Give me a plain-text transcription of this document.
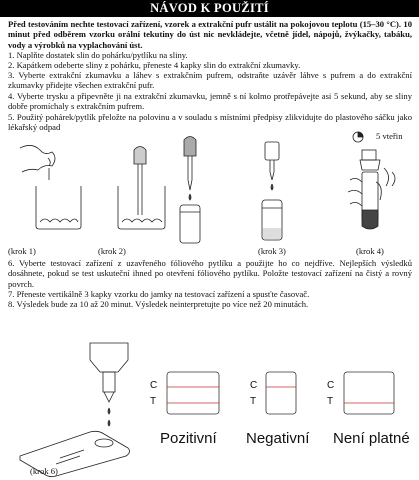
NÁVOD K POUŽITÍ

Před testováním nechte testovací zařízení, vzorek a extrakční pufr ustálit na pokojovou teplotu (15–30 °C). 10 minut před odběrem vzorku orální tekutiny do úst nic nevkládejte, včetně jídel, nápojů, žvýkačky, tabáku, vody a výrobků na vyplachování úst.

1. Naplňte dostatek slin do pohárku/pytlíku na sliny.

2. Kapátkem odeberte sliny z pohárku, přeneste 4 kapky slin do extrakční zkumavky.

3. Vyberte extrakční zkumavku a láhev s extrakčním pufrem, odstraňte uzávěr láhve s pufrem a do extrakční zkumavky přidejte všechen extrakční pufr.

4. Vyberte trysku a připevněte ji na extrakční zkumavku, jemně s ní kolmo protřepávejte asi 5 sekund, aby se sliny dobře promíchaly s extrakčním pufrem.

5. Použitý pohárek/pytlík přeložte na polovinu a v souladu s místními předpisy zlikvidujte do plastového sáčku jako lékařský odpad

5 vteřin
(krok 1)	(krok 2)	(krok 3)	(krok 4)

6. Vyberte testovací zařízení z uzavřeného fóliového pytlíku a použijte ho co nejdříve. Nejlepších výsledků dosáhnete, pokud se test uskuteční ihned po otevření fóliového pytlíku. Položte testovací zařízení na čistý a rovný povrch.

7. Přeneste vertikálně 3 kapky vzorku do jamky na testovací zařízení a spusťte časovač.

8. Výsledek bude za 10 až 20 minut. Výsledek neinterpretujte po více než 20 minutách.

C
T
C
T
C
T
Pozitivní Negativní Není platné
(krok 6)
